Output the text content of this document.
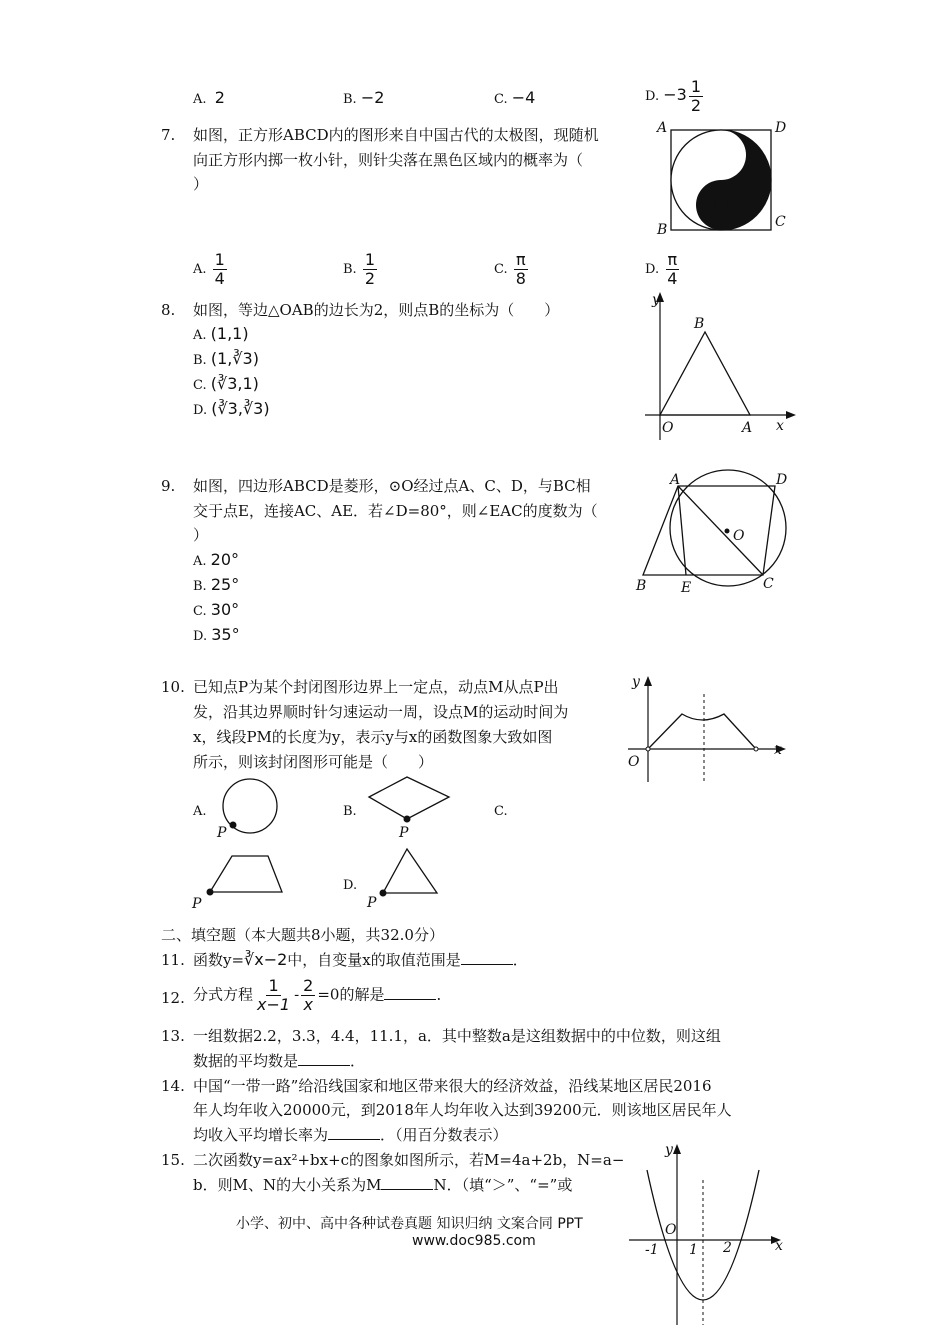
A. 2	B. −2	C. −4	D. $-3 \frac{1}{2}$
7. 如图，正方形ABCD内的图形来自中国古代的太极图，现随机
向正方形内掷一枚小针，则针尖落在黑色区域内的概率为（
）
A	D
B	C
A. $\frac{1}{4}$	B. $\frac{1}{2}$	C. $\frac{\pi}{8}$	D. $\frac{\pi}{4}$
8. 如图，等边△OAB的边长为2，则点B的坐标为（　　）
A. (1,1)
B. (1,∛3)
C. (∛3,1)
D. (∛3,∛3)
y
x
O	A
B
9. 如图，四边形ABCD是菱形，⊙O经过点A、C、D，与BC相
交于点E，连接AC、AE．若∠D=80°，则∠EAC的度数为（
）
A. 20°
B. 25°
C. 30°
D. 35°
A	D
B E	C
O
10. 已知点P为某个封闭图形边界上一定点，动点M从点P出
发，沿其边界顺时针匀速运动一周，设点M的运动时间为
x，线段PM的长度为y，表示y与x的函数图象大致如图
所示，则该封闭图形可能是（　　）
y
x
O
A.
P
B.
P
C.
P
D.
P
二、填空题（本大题共8小题，共32.0分）
11. 函数y=∛x−2中，自变量x的取值范围是	．
12. 分式方程 $\frac{1}{x-1} - \frac{2}{x} =0$的解是	．
13. 一组数据2.2，3.3，4.4，11.1，a．其中整数a是这组数据中的中位数，则这组
数据的平均数是	．
14. 中国“一带一路”给沿线国家和地区带来很大的经济效益，沿线某地区居民2016
年人均年收入20000元，到2018年人均年收入达到39200元．则该地区居民年人
均收入平均增长率为	．（用百分数表示）
15. 二次函数y=ax²+bx+c的图象如图所示，若M=4a+2b，N=a−
b．则M、N的大小关系为M	N．（填“＞”、“=”或
y
x
O
-1 1 2
小学、初中、高中各种试卷真题 知识归纳 文案合同 PPT
www.doc985.com
